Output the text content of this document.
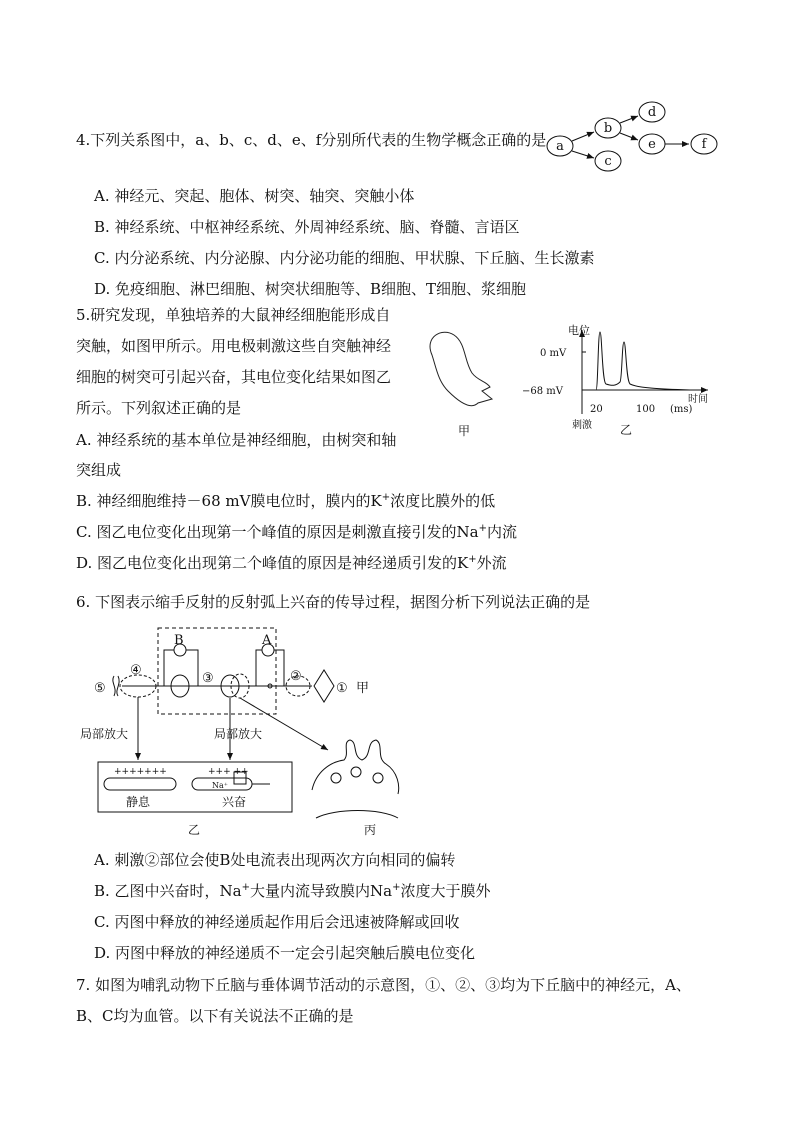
4.下列关系图中，a、b、c、d、e、f分别所代表的生物学概念正确的是 a
b
c
d
e	f
A. 神经元、突起、胞体、树突、轴突、突触小体
B. 神经系统、中枢神经系统、外周神经系统、脑、脊髓、言语区
C. 内分泌系统、内分泌腺、内分泌功能的细胞、甲状腺、下丘脑、生长激素
D. 免疫细胞、淋巴细胞、树突状细胞等、B细胞、T细胞、浆细胞
5.研究发现，单独培养的大鼠神经细胞能形成自
突触，如图甲所示。用电极刺激这些自突触神经
细胞的树突可引起兴奋，其电位变化结果如图乙
所示。下列叙述正确的是
A. 神经系统的基本单位是神经细胞，由树突和轴
突组成
B. 神经细胞维持－68 mV膜电位时，膜内的K+浓度比膜外的低
C. 图乙电位变化出现第一个峰值的原因是刺激直接引发的Na+内流
D. 图乙电位变化出现第二个峰值的原因是神经递质引发的K+外流
甲
电位
0 mV
−68 mV
时间
(ms)
20	100
刺激 乙
6. 下图表示缩手反射的反射弧上兴奋的传导过程，据图分析下列说法正确的是
B	A
⑤
④
③	②
① 甲
局部放大	局部放大
+++++++	+++ ++
Na⁺
静息	兴奋
乙	丙
A. 刺激②部位会使B处电流表出现两次方向相同的偏转
B. 乙图中兴奋时，Na+大量内流导致膜内Na+浓度大于膜外
C. 丙图中释放的神经递质起作用后会迅速被降解或回收
D. 丙图中释放的神经递质不一定会引起突触后膜电位变化
7. 如图为哺乳动物下丘脑与垂体调节活动的示意图，①、②、③均为下丘脑中的神经元，A、
B、C均为血管。以下有关说法不正确的是
